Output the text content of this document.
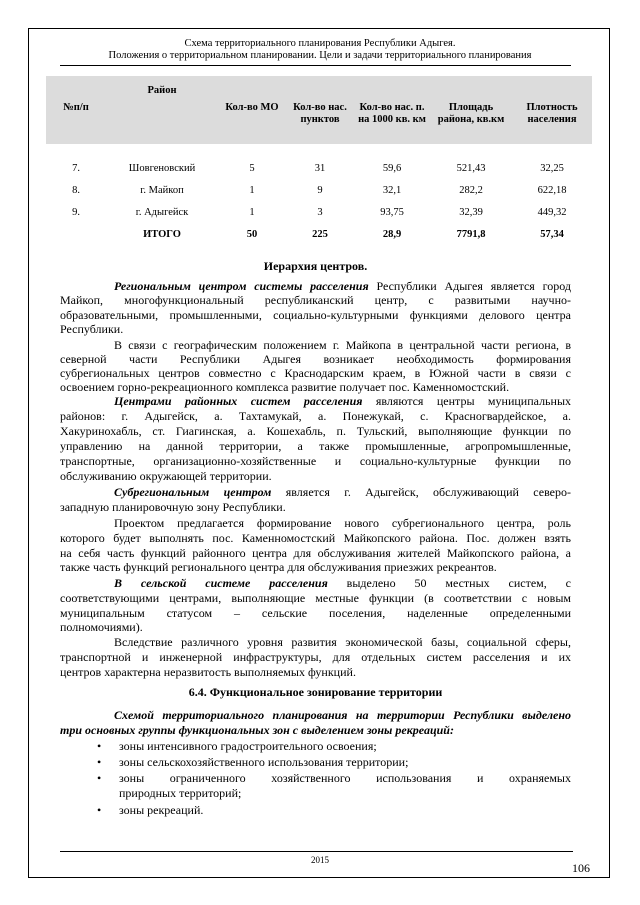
Схема территориального планирования Республики Адыгея.
Положения о территориальном планировании. Цели и задачи территориального планирования
№п/п	Район	Кол-во МО	Кол-во нас. пунктов	Кол-во нас. п. на 1000 кв. км	Площадь района, кв.км	Плотность населения

7.	Шовгеновский	5	31	59,6	521,43	32,25
8.	г. Майкоп	1	9	32,1	282,2	622,18
9.	г. Адыгейск	1	3	93,75	32,39	449,32
	ИТОГО	50	225	28,9	7791,8	57,34

Иерархия центров.

Региональным центром системы расселения Республики Адыгея является город

Майкоп, многофункциональный республиканский центр, с развитыми научно-

образовательными, промышленными, социально-культурными функциями делового центра

Республики.

В связи с географическим положением г. Майкопа в центральной части региона, в

северной части Республики Адыгея возникает необходимость формирования

субрегиональных центров совместно с Краснодарским краем, в Южной части в связи с

освоением горно-рекреационного комплекса развитие получает пос. Каменномостский.

Центрами районных систем расселения являются центры муниципальных

районов: г. Адыгейск, а. Тахтамукай, а. Понежукай, с. Красногвардейское, а.

Хакуринохабль, ст. Гиагинская, а. Кошехабль, п. Тульский, выполняющие функции по

управлению на данной территории, а также промышленные, агропромышленные,

транспортные, организационно-хозяйственные и социально-культурные функции по

обслуживанию окружающей территории.

Субрегиональным центром является г. Адыгейск, обслуживающий северо-

западную планировочную зону Республики.

Проектом предлагается формирование нового субрегионального центра, роль

которого будет выполнять пос. Каменномостский Майкопского района. Пос. должен взять

на себя часть функций районного центра для обслуживания жителей Майкопского района, а

также часть функций регионального центра для обслуживания приезжих рекреантов.

В сельской системе расселения выделено 50 местных систем, с

соответствующими центрами, выполняющие местные функции (в соответствии с новым

муниципальным статусом – сельские поселения, наделенные определенными

полномочиями).

Вследствие различного уровня развития экономической базы, социальной сферы,

транспортной и инженерной инфраструктуры, для отдельных систем расселения и их

центров характерна неразвитость выполняемых функций.

6.4. Функциональное зонирование территории

Схемой территориального планирования на территории Республики выделено

три основных группы функциональных зон с выделением зоны рекреаций:

• зоны интенсивного градостроительного освоения;

• зоны сельскохозяйственного использования территории;

• зоны ограниченного хозяйственного использования и охраняемых

природных территорий;

• зоны рекреаций.

2015
106
